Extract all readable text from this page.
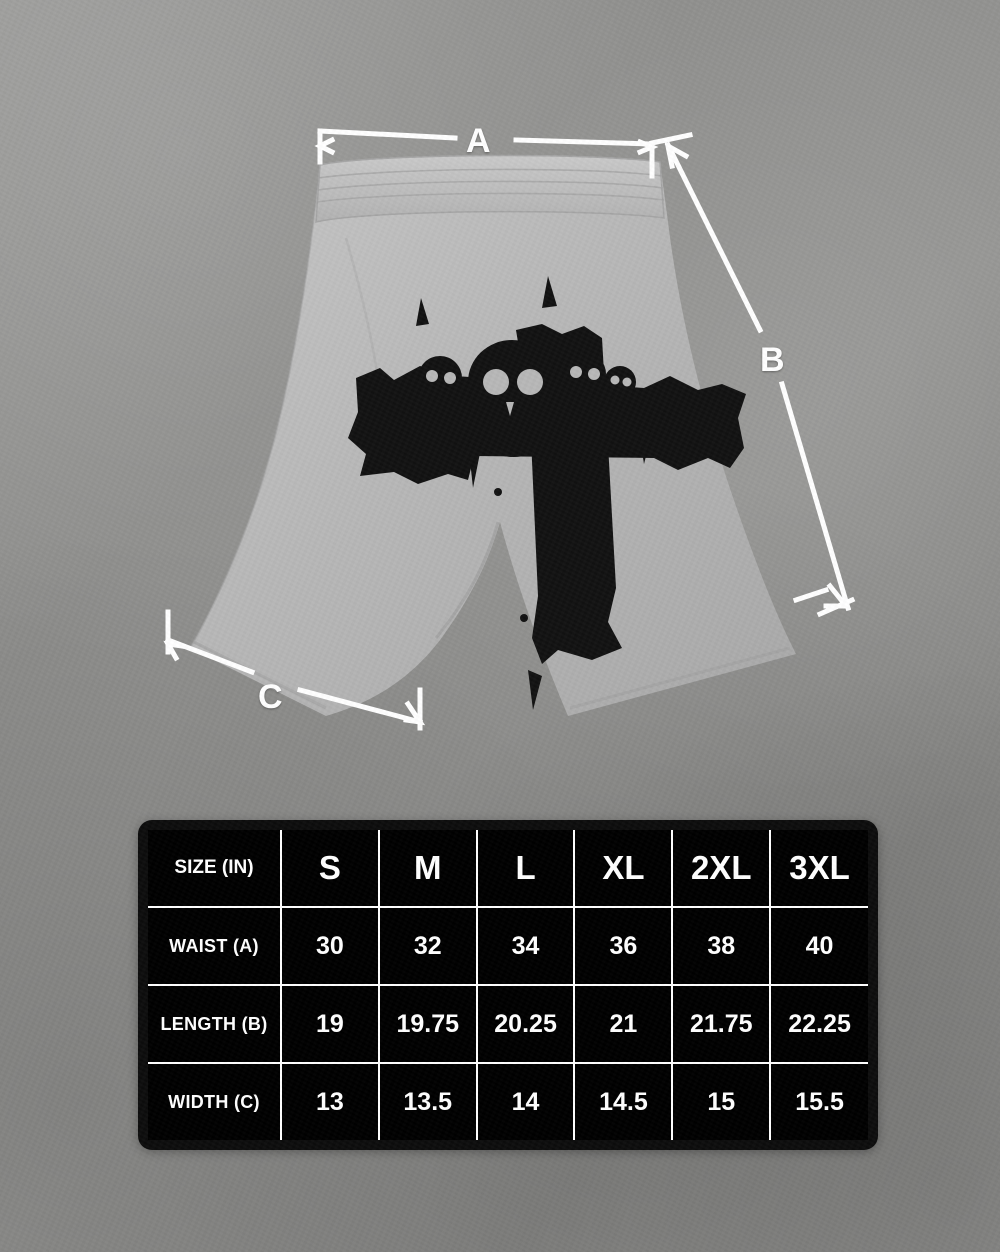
A
B
C
SIZE (IN)	S	M	L	XL	2XL	3XL
WAIST (A)	30	32	34	36	38	40
LENGTH (B)	19	19.75	20.25	21	21.75	22.25
WIDTH (C)	13	13.5	14	14.5	15	15.5
